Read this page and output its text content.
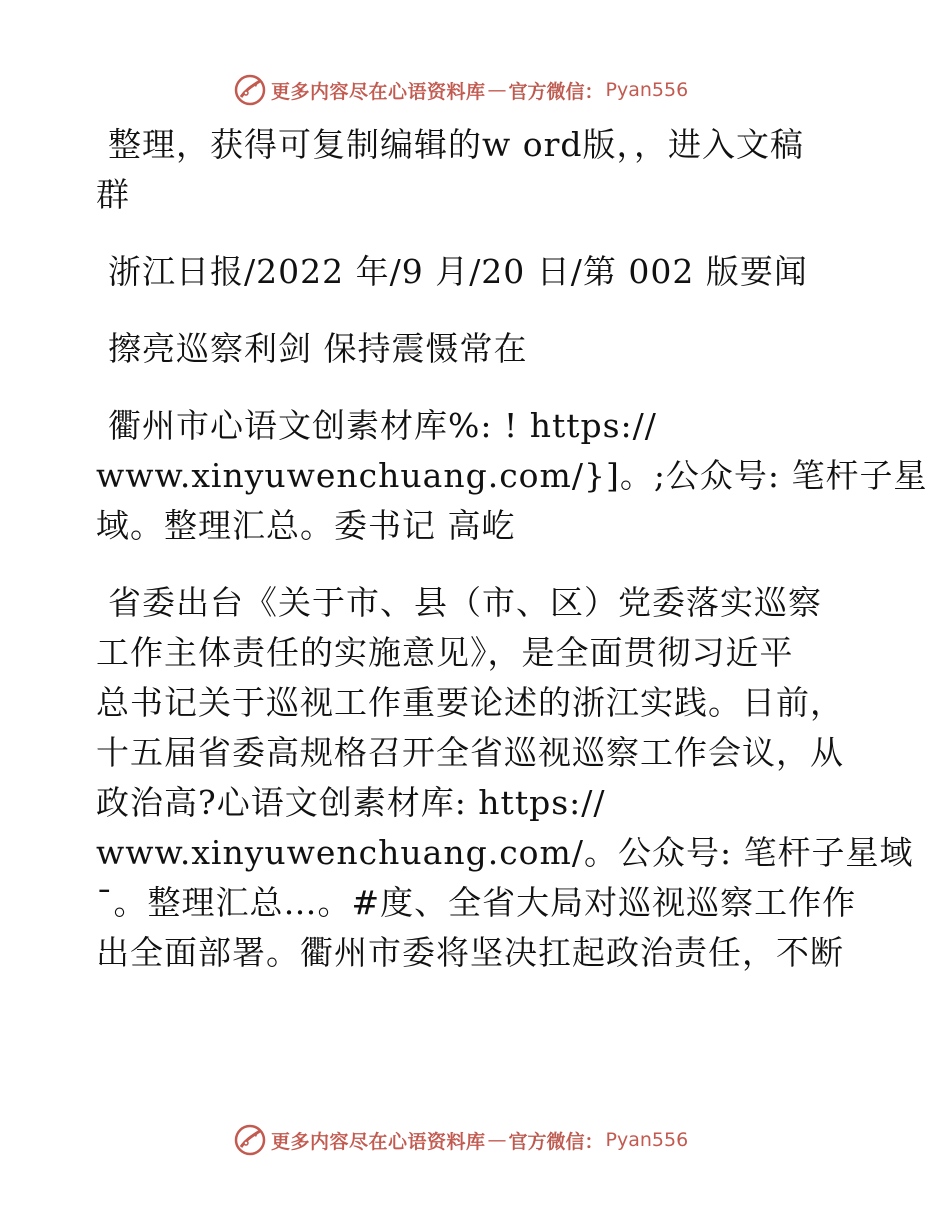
更多内容尽在心语资料库 — 官方微信： Pyan556

整理，获得可复制编辑的w ord版，，进入文稿
群

浙江日报/2022 年/9 月/20 日/第 002 版要闻

擦亮巡察利剑 保持震慑常在

衢州市心语文创素材库%: ! https://
www.xinyuwenchuang.com/}]。;公众号: 笔杆子星
域。整理汇总。委书记 高屹

省委出台《关于市、县（市、区）党委落实巡察
工作主体责任的实施意见》，是全面贯彻习近平
总书记关于巡视工作重要论述的浙江实践。日前，
十五届省委高规格召开全省巡视巡察工作会议，从
政治高?心语文创素材库: https://
www.xinyuwenchuang.com/。公众号: 笔杆子星域
¯。整理汇总…。#度、全省大局对巡视巡察工作作
出全面部署。衢州市委将坚决扛起政治责任，不断

更多内容尽在心语资料库 — 官方微信： Pyan556
